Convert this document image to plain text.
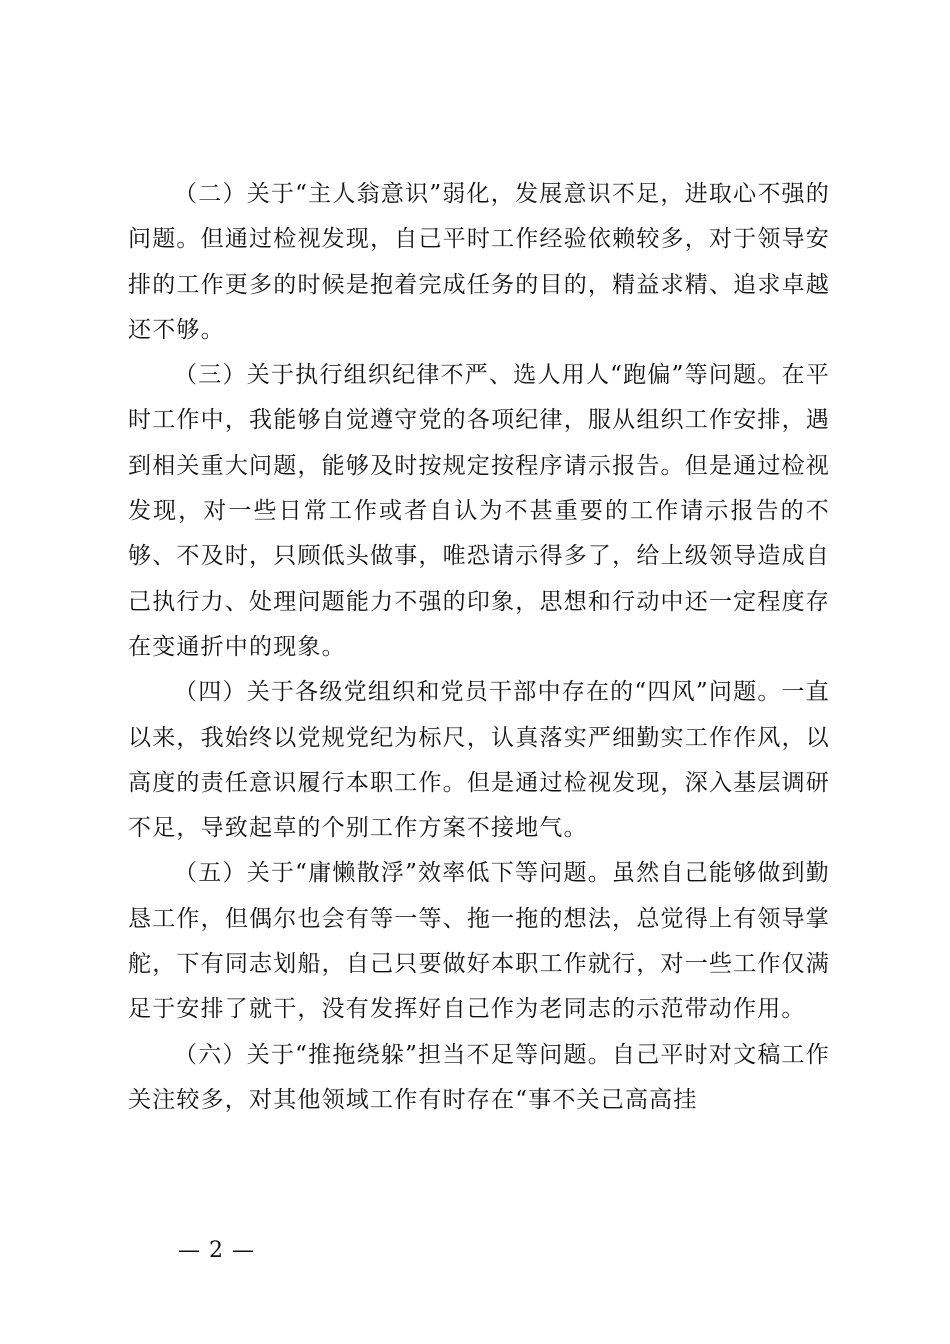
（二）关于“主人翁意识”弱化，发展意识不足，进取心不强的问题。但通过检视发现，自己平时工作经验依赖较多，对于领导安排的工作更多的时候是抱着完成任务的目的，精益求精、追求卓越还不够。

（三）关于执行组织纪律不严、选人用人“跑偏”等问题。在平时工作中，我能够自觉遵守党的各项纪律，服从组织工作安排，遇到相关重大问题，能够及时按规定按程序请示报告。但是通过检视发现，对一些日常工作或者自认为不甚重要的工作请示报告的不够、不及时，只顾低头做事，唯恐请示得多了，给上级领导造成自己执行力、处理问题能力不强的印象，思想和行动中还一定程度存在变通折中的现象。

（四）关于各级党组织和党员干部中存在的“四风”问题。一直以来，我始终以党规党纪为标尺，认真落实严细勤实工作作风，以高度的责任意识履行本职工作。但是通过检视发现，深入基层调研不足，导致起草的个别工作方案不接地气。

（五）关于“庸懒散浮”效率低下等问题。虽然自己能够做到勤恳工作，但偶尔也会有等一等、拖一拖的想法，总觉得上有领导掌舵，下有同志划船，自己只要做好本职工作就行，对一些工作仅满足于安排了就干，没有发挥好自己作为老同志的示范带动作用。

（六）关于“推拖绕躲”担当不足等问题。自己平时对文稿工作关注较多，对其他领域工作有时存在“事不关己高高挂

— 2 —
